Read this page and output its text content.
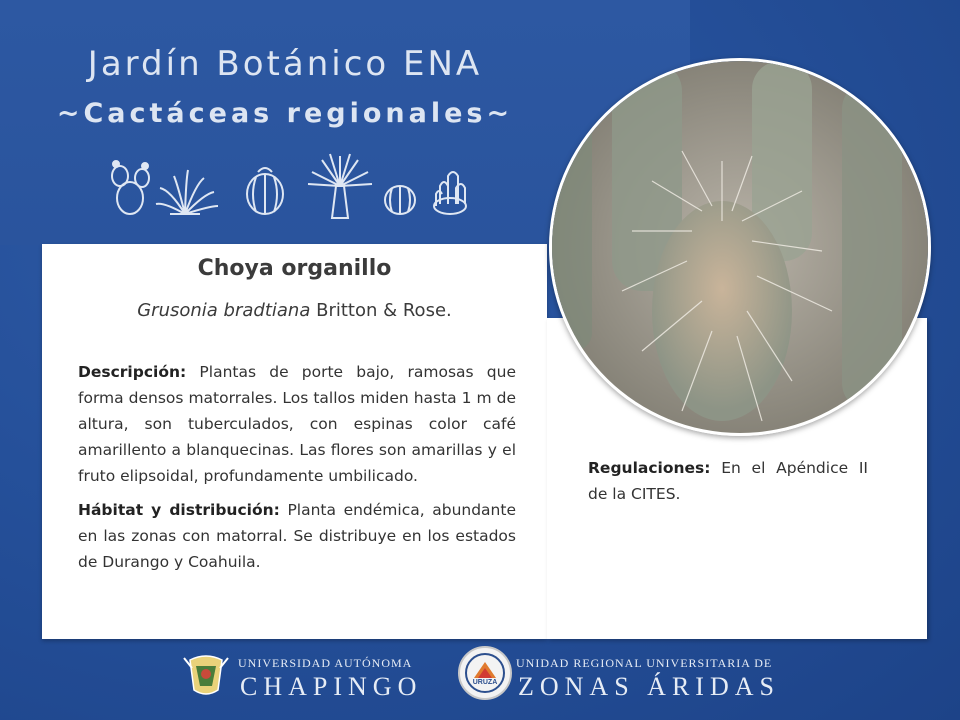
Jardín Botánico ENA
~Cactáceas regionales~
Choya organillo
Grusonia bradtiana Britton & Rose.
Descripción: Plantas de porte bajo, ramosas que forma densos matorrales. Los tallos miden hasta 1 m de altura, son tuberculados, con espinas color café amarillento a blanquecinas. Las flores son amarillas y el fruto elipsoidal, profundamente umbilicado.
Hábitat y distribución: Planta endémica, abundante en las zonas con matorral. Se distribuye en los estados de Durango y Coahuila.
Regulaciones: En el Apéndice II de la CITES.
UNIVERSIDAD AUTÓNOMA
CHAPINGO	URUZA
UNIDAD REGIONAL UNIVERSITARIA DE
ZONAS ÁRIDAS
